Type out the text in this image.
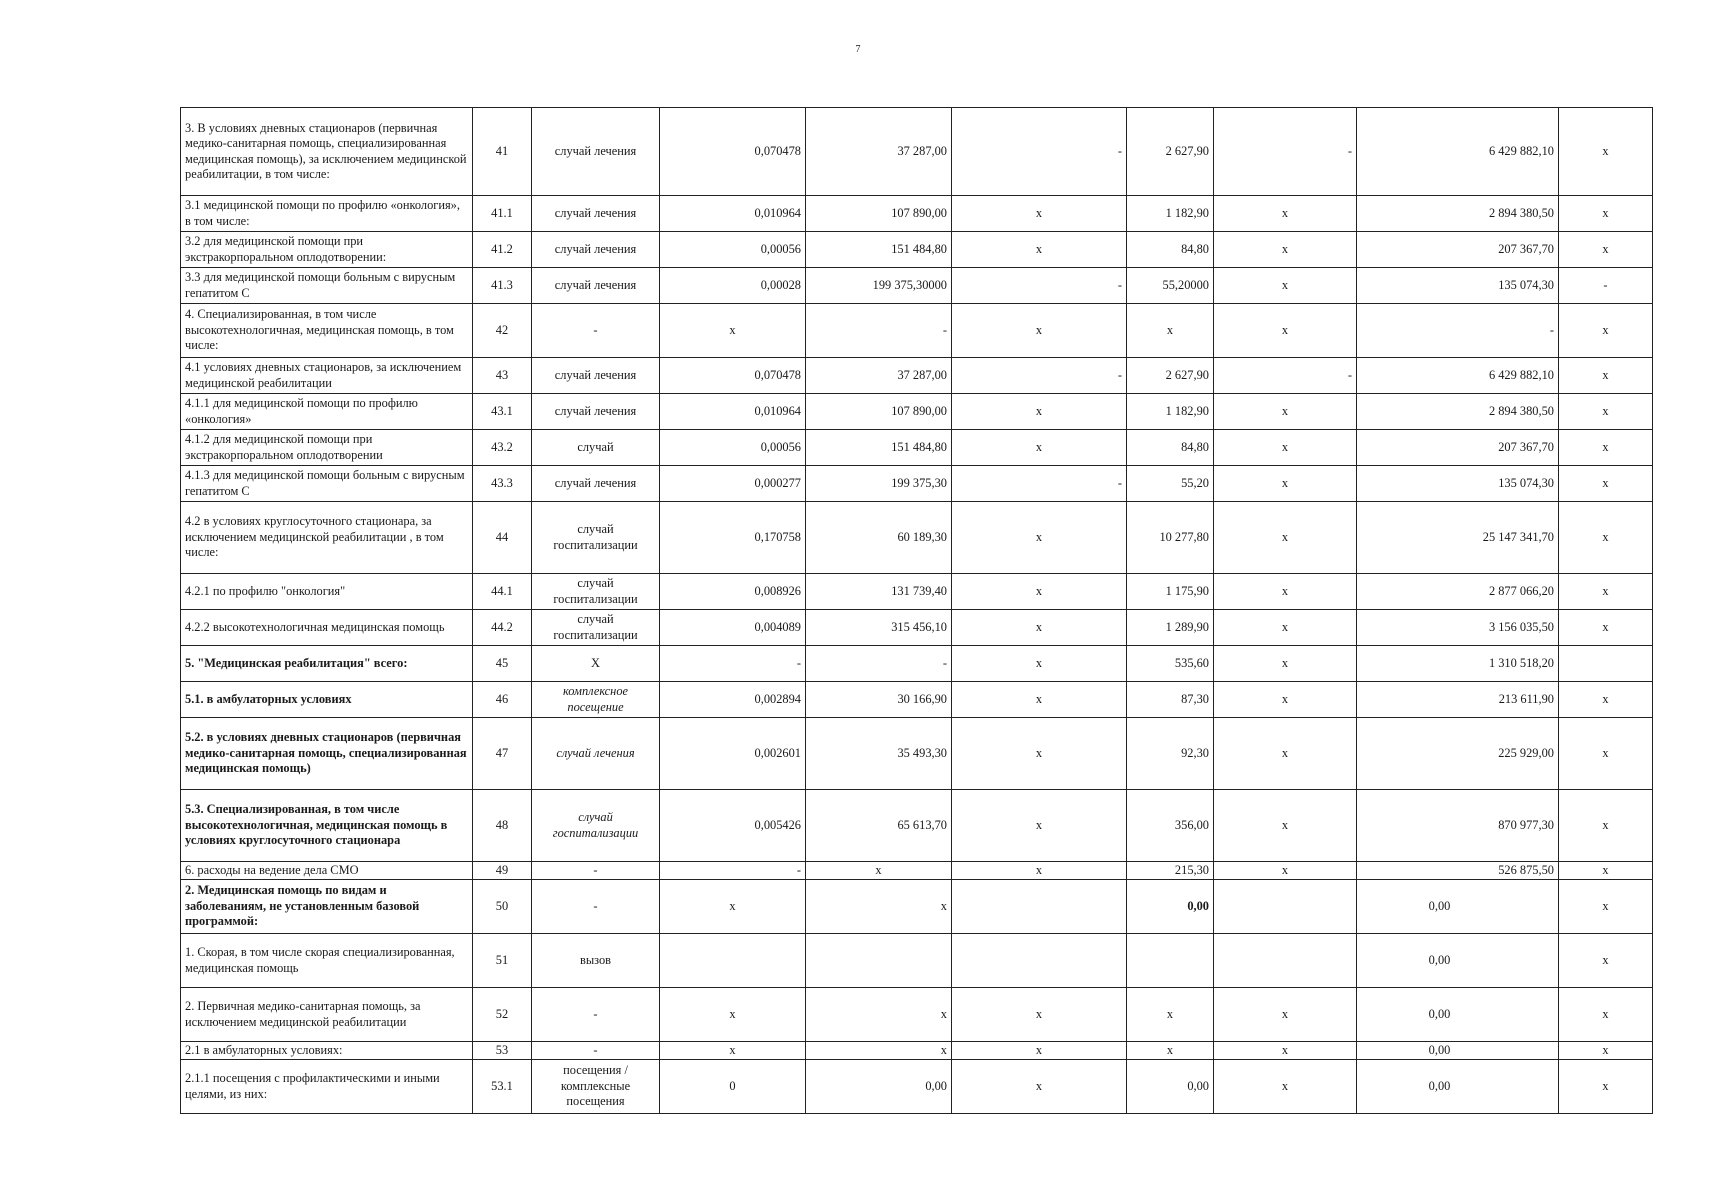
7
3. В условиях дневных стационаров (первичная медико-санитарная помощь, специализированная медицинская помощь), за исключением медицинской реабилитации, в том числе:	41	случай лечения	0,070478	37 287,00	-	2 627,90	-	6 429 882,10	x
3.1 медицинской помощи по профилю «онкология», в том числе:	41.1	случай лечения	0,010964	107 890,00	x	1 182,90	x	2 894 380,50	x
3.2 для медицинской помощи при экстракорпоральном оплодотворении:	41.2	случай лечения	0,00056	151 484,80	x	84,80	x	207 367,70	x
3.3 для медицинской помощи больным с вирусным гепатитом С	41.3	случай лечения	0,00028	199 375,30000	-	55,20000	x	135 074,30	-
4. Специализированная, в том числе высокотехнологичная, медицинская помощь, в том числе:	42	-	x	-	x	x	x	-	x
4.1 условиях дневных стационаров, за исключением медицинской реабилитации	43	случай лечения	0,070478	37 287,00	-	2 627,90	-	6 429 882,10	x
4.1.1 для медицинской помощи по профилю «онкология»	43.1	случай лечения	0,010964	107 890,00	x	1 182,90	x	2 894 380,50	x
4.1.2 для медицинской помощи при экстракорпоральном оплодотворении	43.2	случай	0,00056	151 484,80	x	84,80	x	207 367,70	x
4.1.3 для медицинской помощи больным с вирусным гепатитом С	43.3	случай лечения	0,000277	199 375,30	-	55,20	x	135 074,30	x
4.2 в условиях круглосуточного стационара, за исключением медицинской реабилитации , в том числе:	44	случай госпитализации	0,170758	60 189,30	x	10 277,80	x	25 147 341,70	x
4.2.1 по профилю "онкология"	44.1	случай госпитализации	0,008926	131 739,40	x	1 175,90	x	2 877 066,20	x
4.2.2 высокотехнологичная медицинская помощь	44.2	случай госпитализации	0,004089	315 456,10	x	1 289,90	x	3 156 035,50	x
5. "Медицинская реабилитация" всего:	45	X	-	-	x	535,60	x	1 310 518,20	
5.1. в амбулаторных условиях	46	комплексное посещение	0,002894	30 166,90	x	87,30	x	213 611,90	x
5.2. в условиях дневных стационаров (первичная медико-санитарная помощь, специализированная медицинская помощь)	47	случай лечения	0,002601	35 493,30	x	92,30	x	225 929,00	x
5.3. Специализированная, в том числе высокотехнологичная, медицинская помощь в условиях круглосуточного стационара	48	случай госпитализации	0,005426	65 613,70	x	356,00	x	870 977,30	x
6. расходы на ведение дела СМО	49	-	-	x	x	215,30	x	526 875,50	x
2. Медицинская помощь по видам и заболеваниям, не установленным базовой программой:	50	-	x	x		0,00		0,00	x
1. Скорая, в том числе скорая специализированная, медицинская помощь	51	вызов						0,00	x
2. Первичная медико-санитарная помощь, за исключением медицинской реабилитации	52	-	x	x	x	x	x	0,00	x
2.1 в амбулаторных условиях:	53	-	x	x	x	x	x	0,00	x
2.1.1 посещения с профилактическими и иными целями, из них:	53.1	посещения / комплексные посещения	0	0,00	x	0,00	x	0,00	x
